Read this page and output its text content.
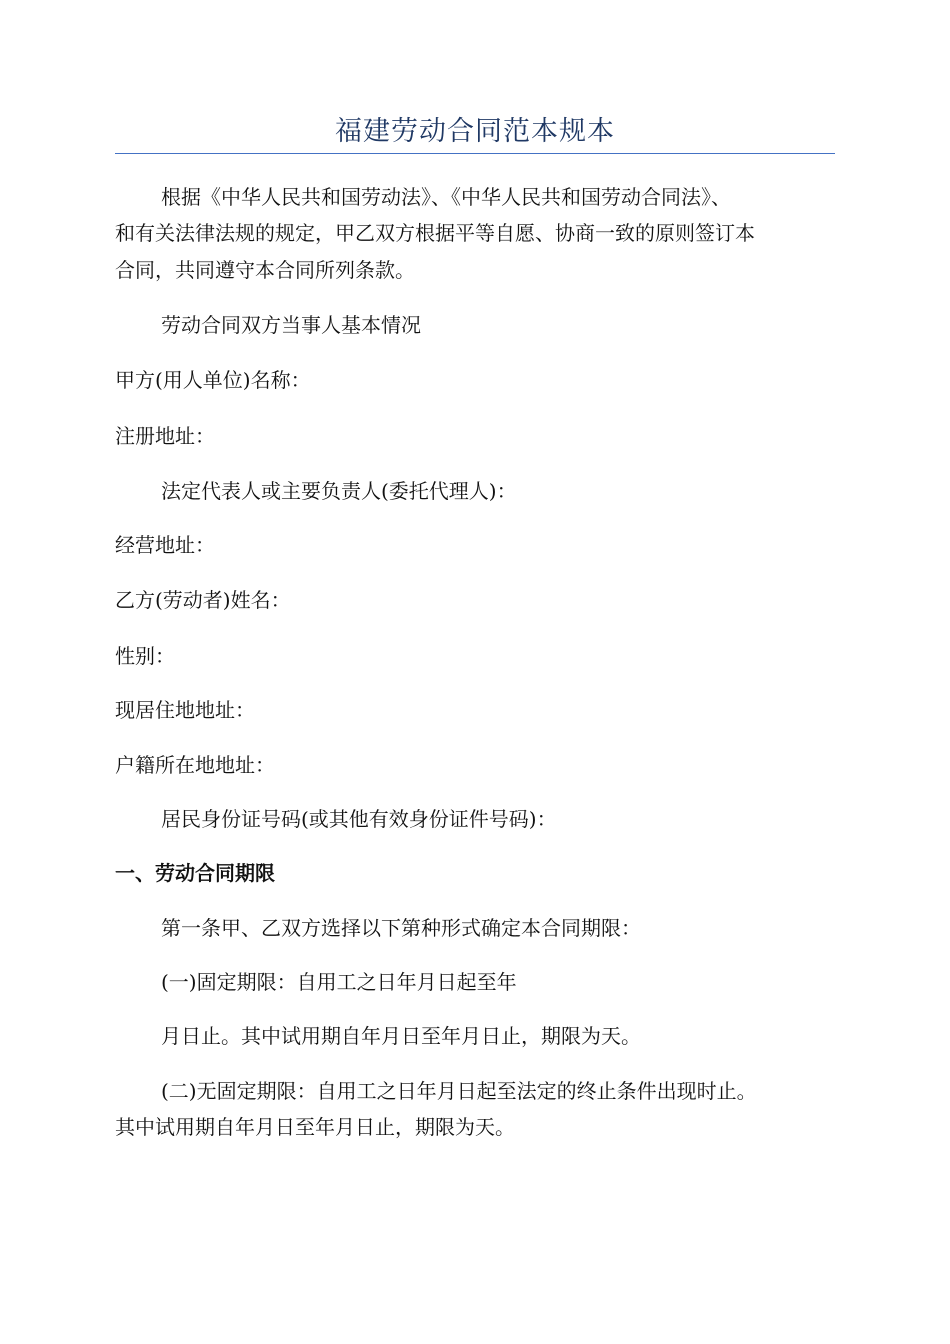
福建劳动合同范本规本
根据《中华人民共和国劳动法》、《中华人民共和国劳动合同法》、
和有关法律法规的规定，甲乙双方根据平等自愿、协商一致的原则签订本
合同，共同遵守本合同所列条款。
劳动合同双方当事人基本情况
甲方(用人单位)名称：
注册地址：
法定代表人或主要负责人(委托代理人)：
经营地址：
乙方(劳动者)姓名：
性别：
现居住地地址：
户籍所在地地址：
居民身份证号码(或其他有效身份证件号码)：
一、劳动合同期限
第一条甲、乙双方选择以下第种形式确定本合同期限：
(一)固定期限：自用工之日年月日起至年
月日止。其中试用期自年月日至年月日止，期限为天。
(二)无固定期限：自用工之日年月日起至法定的终止条件出现时止。
其中试用期自年月日至年月日止，期限为天。
